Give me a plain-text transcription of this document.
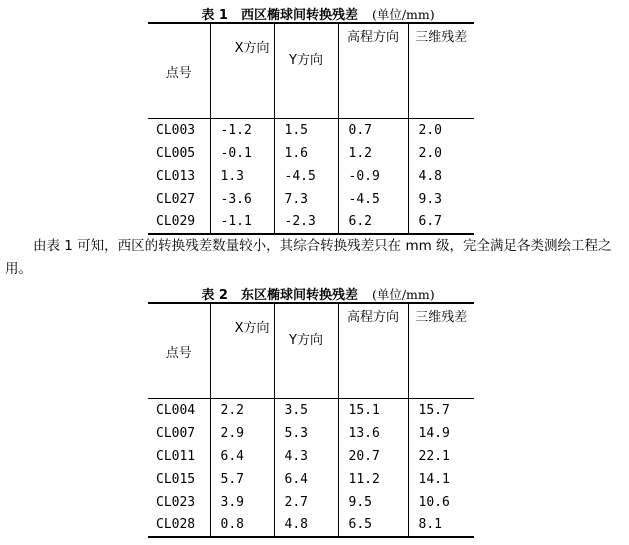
表 1　西区椭球间转换残差 (单位/mm)
点号	X方向	Y方向	高程方向	三维残差

CL003	-1.2	1.5	0.7	2.0
CL005	-0.1	1.6	1.2	2.0
CL013	1.3	-4.5	-0.9	4.8
CL027	-3.6	7.3	-4.5	9.3
CL029	-1.1	-2.3	6.2	6.7
由表 1 可知，西区的转换残差数量较小，其综合转换残差只在 mm 级，完全满足各类测绘工程之用。
表 2　东区椭球间转换残差 (单位/mm)
点号	X方向	Y方向	高程方向	三维残差

CL004	2.2	3.5	15.1	15.7
CL007	2.9	5.3	13.6	14.9
CL011	6.4	4.3	20.7	22.1
CL015	5.7	6.4	11.2	14.1
CL023	3.9	2.7	9.5	10.6
CL028	0.8	4.8	6.5	8.1
